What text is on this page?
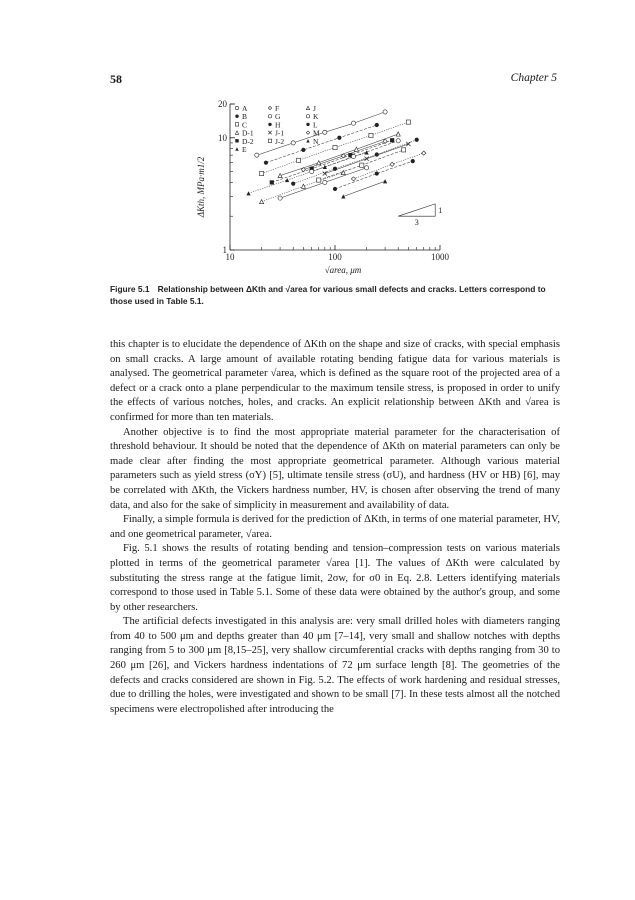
58	Chapter 5
A
B
C
D-1
D-2
E
F
G
H
J-1
J-2
J
K
L
M
N
10	100	1000
1
10
20
ΔKth, MPa·m1/2
√area, μm
1
3
Figure 5.1 Relationship between ΔKth and √area for various small defects and cracks. Letters correspond to those used in Table 5.1.

this chapter is to elucidate the dependence of ΔKth on the shape and size of cracks, with special emphasis on small cracks. A large amount of available rotating bending fatigue data for various materials is analysed. The geometrical parameter √area, which is defined as the square root of the projected area of a defect or a crack onto a plane perpendicular to the maximum tensile stress, is proposed in order to unify the effects of various notches, holes, and cracks. An explicit relationship between ΔKth and √area is confirmed for more than ten materials.

Another objective is to find the most appropriate material parameter for the characterisation of threshold behaviour. It should be noted that the dependence of ΔKth on material parameters can only be made clear after finding the most appropriate geometrical parameter. Although various material parameters such as yield stress (σY) [5], ultimate tensile stress (σU), and hardness (HV or HB) [6], may be correlated with ΔKth, the Vickers hardness number, HV, is chosen after observing the trend of many data, and also for the sake of simplicity in measurement and availability of data.

Finally, a simple formula is derived for the prediction of ΔKth, in terms of one material parameter, HV, and one geometrical parameter, √area.

Fig. 5.1 shows the results of rotating bending and tension–compression tests on various materials plotted in terms of the geometrical parameter √area [1]. The values of ΔKth were calculated by substituting the stress range at the fatigue limit, 2σw, for σ0 in Eq. 2.8. Letters identifying materials correspond to those used in Table 5.1. Some of these data were obtained by the author's group, and some by other researchers.

The artificial defects investigated in this analysis are: very small drilled holes with diameters ranging from 40 to 500 μm and depths greater than 40 μm [7–14], very small and shallow notches with depths ranging from 5 to 300 μm [8,15–25], very shallow circumferential cracks with depths ranging from 30 to 260 μm [26], and Vickers hardness indentations of 72 μm surface length [8]. The geometries of the defects and cracks considered are shown in Fig. 5.2. The effects of work hardening and residual stresses, due to drilling the holes, were investigated and shown to be small [7]. In these tests almost all the notched specimens were electropolished after introducing the
